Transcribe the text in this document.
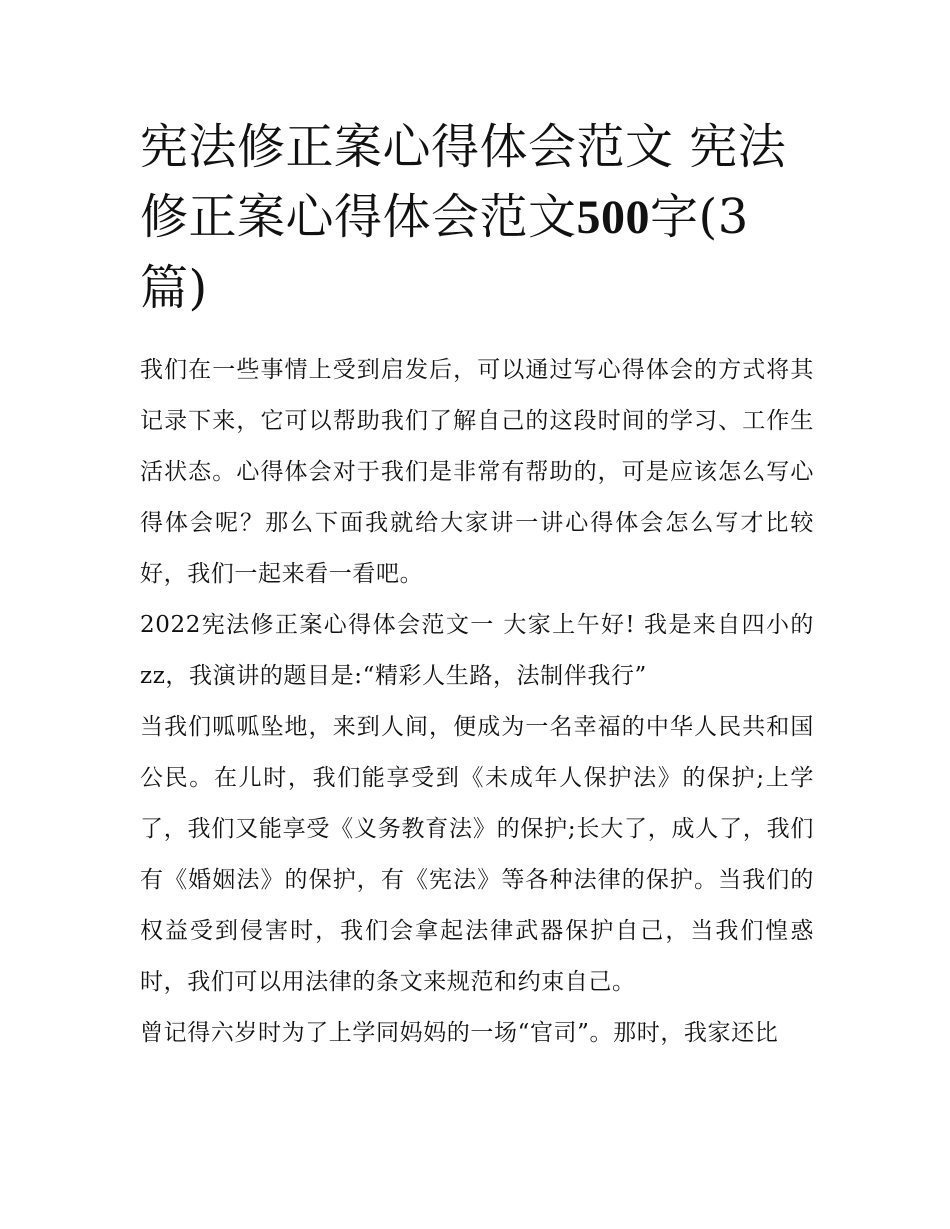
宪法修正案心得体会范文 宪法修正案心得体会范文500字(3篇)

我们在一些事情上受到启发后，可以通过写心得体会的方式将其记录下来，它可以帮助我们了解自己的这段时间的学习、工作生活状态。心得体会对于我们是非常有帮助的，可是应该怎么写心得体会呢？那么下面我就给大家讲一讲心得体会怎么写才比较好，我们一起来看一看吧。

2022宪法修正案心得体会范文一 大家上午好! 我是来自四小的zz，我演讲的题目是:“精彩人生路，法制伴我行”

当我们呱呱坠地，来到人间，便成为一名幸福的中华人民共和国公民。在儿时，我们能享受到《未成年人保护法》的保护;上学了，我们又能享受《义务教育法》的保护;长大了，成人了，我们有《婚姻法》的保护，有《宪法》等各种法律的保护。当我们的权益受到侵害时，我们会拿起法律武器保护自己，当我们惶惑时，我们可以用法律的条文来规范和约束自己。

曾记得六岁时为了上学同妈妈的一场“官司”。那时，我家还比
